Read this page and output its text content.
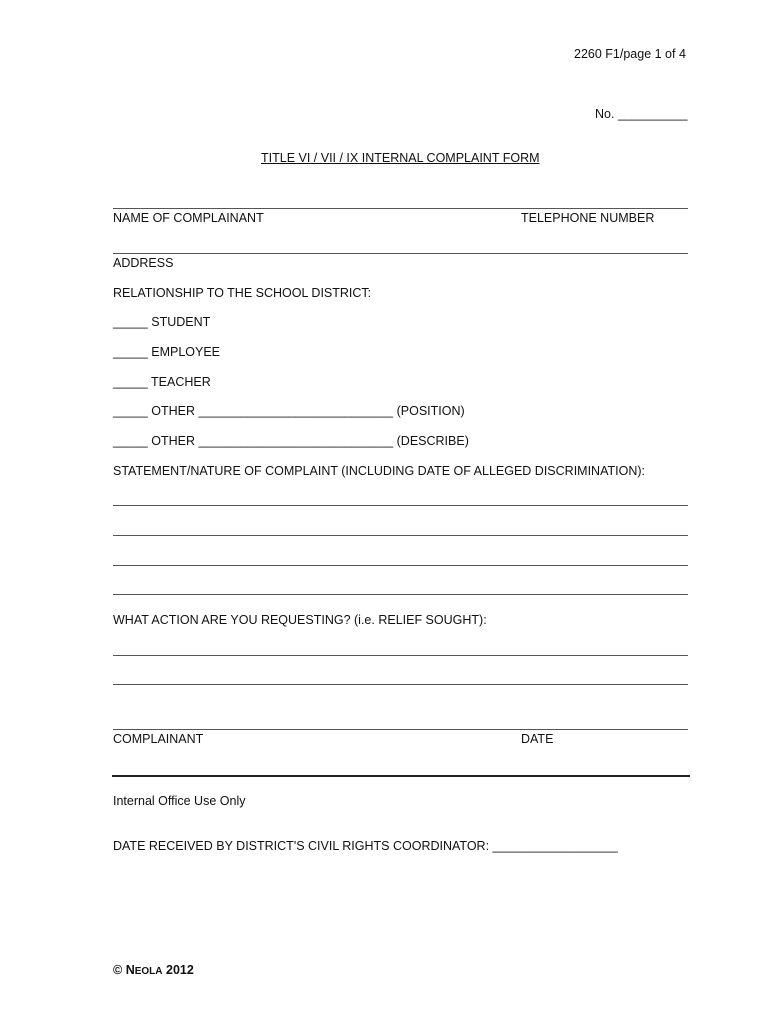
2260 F1/page 1 of 4
No. __________
TITLE VI / VII / IX INTERNAL COMPLAINT FORM
NAME OF COMPLAINANT	TELEPHONE NUMBER
ADDRESS
RELATIONSHIP TO THE SCHOOL DISTRICT:
_____ STUDENT
_____ EMPLOYEE
_____ TEACHER
_____ OTHER ____________________________ (POSITION)
_____ OTHER ____________________________ (DESCRIBE)
STATEMENT/NATURE OF COMPLAINT (INCLUDING DATE OF ALLEGED DISCRIMINATION):
WHAT ACTION ARE YOU REQUESTING? (i.e. RELIEF SOUGHT):
COMPLAINANT	DATE
Internal Office Use Only
DATE RECEIVED BY DISTRICT'S CIVIL RIGHTS COORDINATOR: __________________
© NEOLA 2012
